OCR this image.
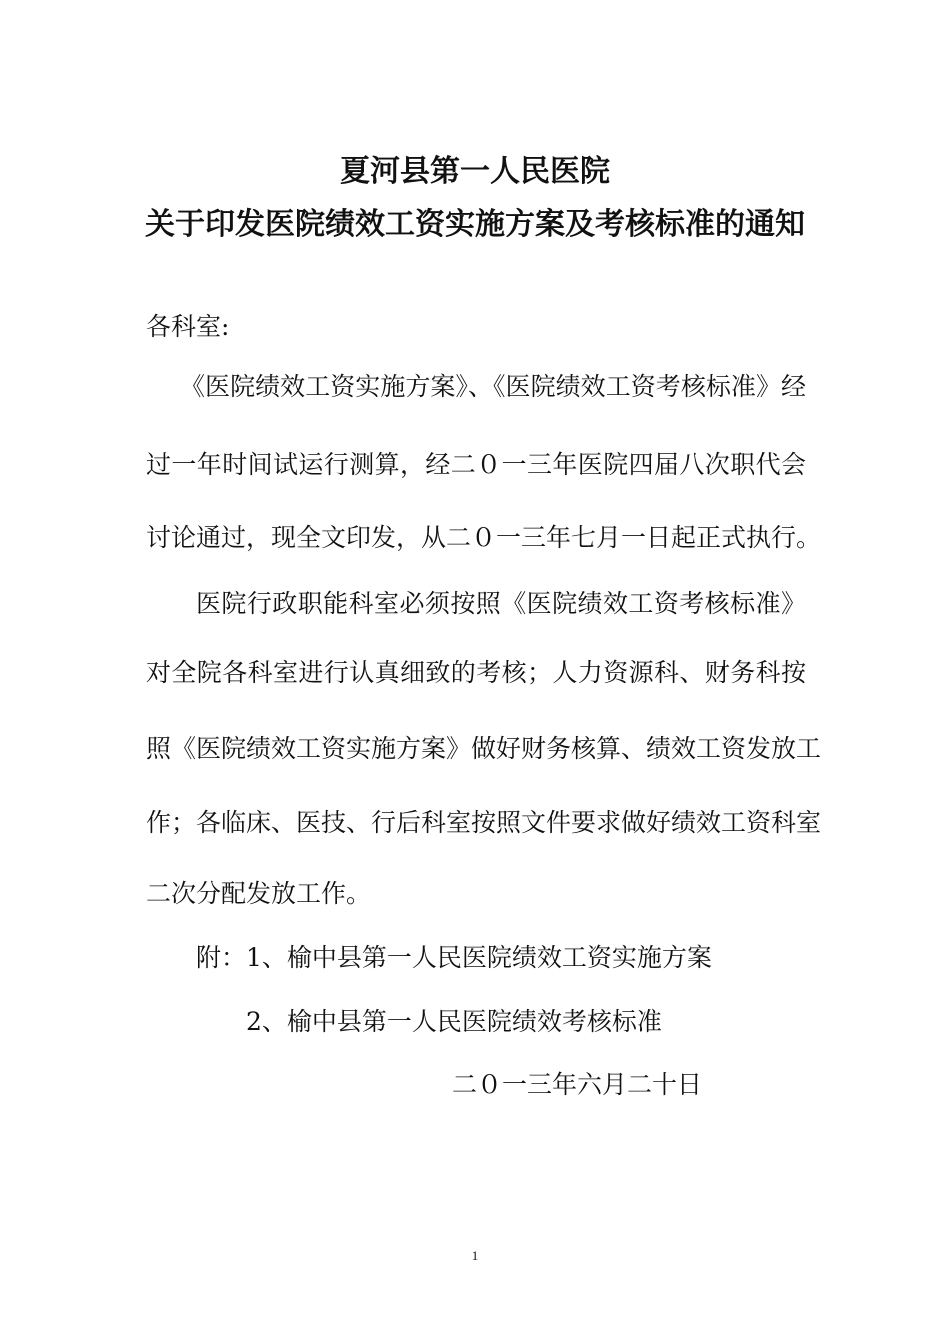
夏河县第一人民医院
关于印发医院绩效工资实施方案及考核标准的通知
各科室:
《医院绩效工资实施方案》、《医院绩效工资考核标准》经
过一年时间试运行测算，经二０一三年医院四届八次职代会
讨论通过，现全文印发，从二０一三年七月一日起正式执行。
医院行政职能科室必须按照《医院绩效工资考核标准》
对全院各科室进行认真细致的考核；人力资源科、财务科按
照《医院绩效工资实施方案》做好财务核算、绩效工资发放工
作；各临床、医技、行后科室按照文件要求做好绩效工资科室
二次分配发放工作。
附：1、榆中县第一人民医院绩效工资实施方案
2、榆中县第一人民医院绩效考核标准
二０一三年六月二十日
1
